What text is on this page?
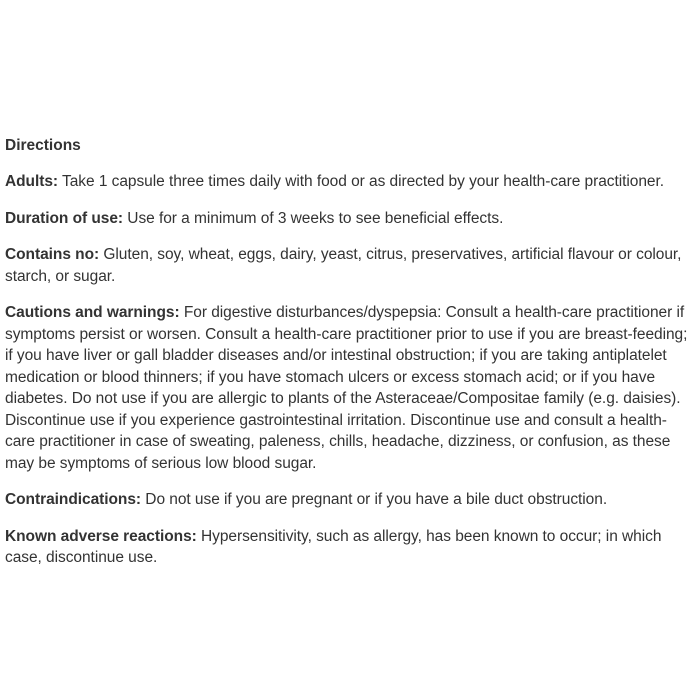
Directions

Adults: Take 1 capsule three times daily with food or as directed by your health-care practitioner.

Duration of use: Use for a minimum of 3 weeks to see beneficial effects.

Contains no: Gluten, soy, wheat, eggs, dairy, yeast, citrus, preservatives, artificial flavour or colour, starch, or sugar.

Cautions and warnings: For digestive disturbances/dyspepsia: Consult a health-care practitioner if symptoms persist or worsen. Consult a health-care practitioner prior to use if you are breast-feeding; if you have liver or gall bladder diseases and/or intestinal obstruction; if you are taking antiplatelet medication or blood thinners; if you have stomach ulcers or excess stomach acid; or if you have diabetes. Do not use if you are allergic to plants of the Asteraceae/Compositae family (e.g. daisies). Discontinue use if you experience gastrointestinal irritation. Discontinue use and consult a health-care practitioner in case of sweating, paleness, chills, headache, dizziness, or confusion, as these may be symptoms of serious low blood sugar.

Contraindications: Do not use if you are pregnant or if you have a bile duct obstruction.

Known adverse reactions: Hypersensitivity, such as allergy, has been known to occur; in which case, discontinue use.
